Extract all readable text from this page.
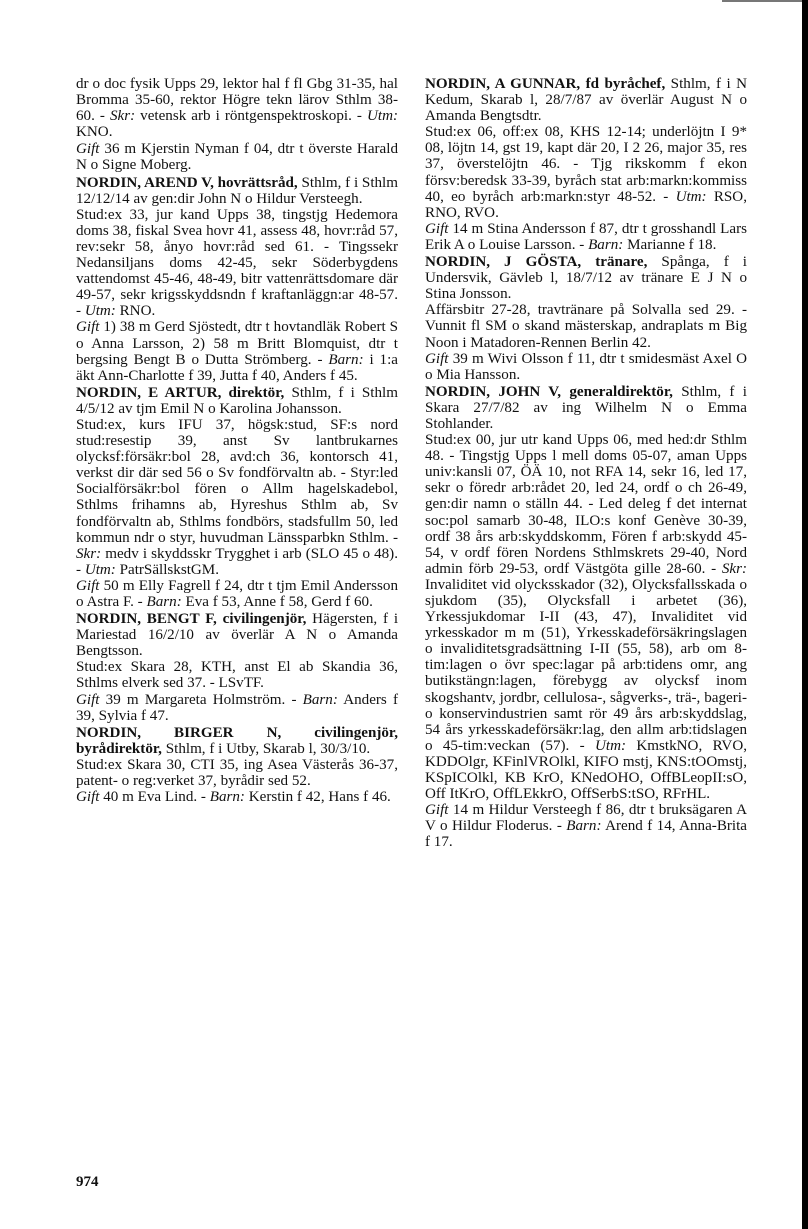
dr o doc fysik Upps 29, lektor hal f fl Gbg 31-35, hal Bromma 35-60, rektor Högre tekn lärov Sthlm 38-60. - Skr: vetensk arb i röntgenspektroskopi. - Utm: KNO.

Gift 36 m Kjerstin Nyman f 04, dtr t överste Harald N o Signe Moberg.

NORDIN, AREND V, hovrättsråd, Sthlm, f i Sthlm 12/12/14 av gen:dir John N o Hildur Versteegh.

Stud:ex 33, jur kand Upps 38, tingstjg Hedemora doms 38, fiskal Svea hovr 41, assess 48, hovr:råd 57, rev:sekr 58, ånyo hovr:råd sed 61. - Tingssekr Nedansiljans doms 42-45, sekr Söderbygdens vattendomst 45-46, 48-49, bitr vattenrättsdomare där 49-57, sekr krigsskyddsndn f kraftanläggn:ar 48-57. - Utm: RNO.

Gift 1) 38 m Gerd Sjöstedt, dtr t hovtandläk Robert S o Anna Larsson, 2) 58 m Britt Blomquist, dtr t bergsing Bengt B o Dutta Strömberg. - Barn: i 1:a äkt Ann-Charlotte f 39, Jutta f 40, Anders f 45.

NORDIN, E ARTUR, direktör, Sthlm, f i Sthlm 4/5/12 av tjm Emil N o Karolina Johansson.

Stud:ex, kurs IFU 37, högsk:stud, SF:s nord stud:resestip 39, anst Sv lantbrukarnes olycksf:försäkr:bol 28, avd:ch 36, kontorsch 41, verkst dir där sed 56 o Sv fondförvaltn ab. - Styr:led Socialförsäkr:bol fören o Allm hagelskadebol, Sthlms frihamns ab, Hyreshus Sthlm ab, Sv fondförvaltn ab, Sthlms fondbörs, stadsfullm 50, led kommun ndr o styr, huvudman Länssparbkn Sthlm. - Skr: medv i skyddsskr Trygghet i arb (SLO 45 o 48). - Utm: PatrSällskstGM.

Gift 50 m Elly Fagrell f 24, dtr t tjm Emil Andersson o Astra F. - Barn: Eva f 53, Anne f 58, Gerd f 60.

NORDIN, BENGT F, civilingenjör, Hägersten, f i Mariestad 16/2/10 av överlär A N o Amanda Bengtsson.

Stud:ex Skara 28, KTH, anst El ab Skandia 36, Sthlms elverk sed 37. - LSvTF.

Gift 39 m Margareta Holmström. - Barn: Anders f 39, Sylvia f 47.

NORDIN, BIRGER N, civilingenjör, byrådirektör, Sthlm, f i Utby, Skarab l, 30/3/10.

Stud:ex Skara 30, CTI 35, ing Asea Västerås 36-37, patent- o reg:verket 37, byrådir sed 52.

Gift 40 m Eva Lind. - Barn: Kerstin f 42, Hans f 46.

NORDIN, A GUNNAR, fd byråchef, Sthlm, f i N Kedum, Skarab l, 28/7/87 av överlär August N o Amanda Bengtsdtr.

Stud:ex 06, off:ex 08, KHS 12-14; underlöjtn I 9* 08, löjtn 14, gst 19, kapt där 20, I 2 26, major 35, res 37, överstelöjtn 46. - Tjg rikskomm f ekon försv:beredsk 33-39, byråch stat arb:markn:kommiss 40, eo byråch arb:markn:styr 48-52. - Utm: RSO, RNO, RVO.

Gift 14 m Stina Andersson f 87, dtr t grosshandl Lars Erik A o Louise Larsson. - Barn: Marianne f 18.

NORDIN, J GÖSTA, tränare, Spånga, f i Undersvik, Gävleb l, 18/7/12 av tränare E J N o Stina Jonsson.

Affärsbitr 27-28, travtränare på Solvalla sed 29. - Vunnit fl SM o skand mästerskap, andraplats m Big Noon i Matadoren-Rennen Berlin 42.

Gift 39 m Wivi Olsson f 11, dtr t smidesmäst Axel O o Mia Hansson.

NORDIN, JOHN V, generaldirektör, Sthlm, f i Skara 27/7/82 av ing Wilhelm N o Emma Stohlander.

Stud:ex 00, jur utr kand Upps 06, med hed:dr Sthlm 48. - Tingstjg Upps l mell doms 05-07, aman Upps univ:kansli 07, ÖÄ 10, not RFA 14, sekr 16, led 17, sekr o föredr arb:rådet 20, led 24, ordf o ch 26-49, gen:dir namn o ställn 44. - Led deleg f det internat soc:pol samarb 30-48, ILO:s konf Genève 30-39, ordf 38 års arb:skyddskomm, Fören f arb:skydd 45-54, v ordf fören Nordens Sthlmskrets 29-40, Nord admin förb 29-53, ordf Västgöta gille 28-60. - Skr: Invaliditet vid olycksskador (32), Olycksfallsskada o sjukdom (35), Olycksfall i arbetet (36), Yrkessjukdomar I-II (43, 47), Invaliditet vid yrkesskador m m (51), Yrkesskadeförsäkringslagen o invaliditetsgradsättning I-II (55, 58), arb om 8-tim:lagen o övr spec:lagar på arb:tidens omr, ang butikstängn:lagen, förebygg av olycksf inom skogshantv, jordbr, cellulosa-, sågverks-, trä-, bageri- o konservindustrien samt rör 49 års arb:skyddslag, 54 års yrkesskadeförsäkr:lag, den allm arb:tidslagen o 45-tim:veckan (57). - Utm: KmstkNO, RVO, KDDOlgr, KFinlVROlkl, KIFO mstj, KNS:tOOmstj, KSpICOlkl, KB KrO, KNedOHO, OffBLeopII:sO, Off ItKrO, OffLEkkrO, OffSerbS:tSO, RFrHL.

Gift 14 m Hildur Versteegh f 86, dtr t bruksägaren A V o Hildur Floderus. - Barn: Arend f 14, Anna-Brita f 17.

974
